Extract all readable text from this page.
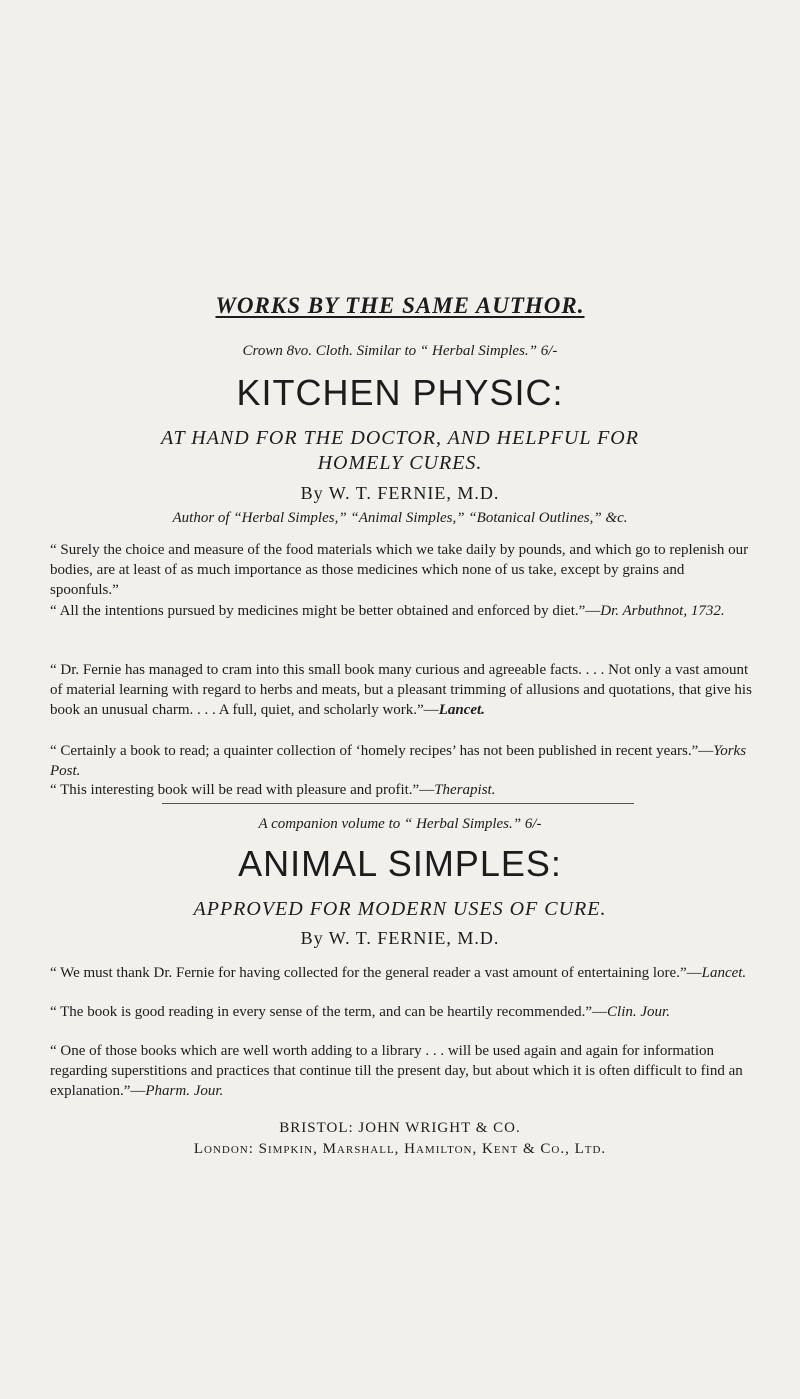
WORKS BY THE SAME AUTHOR.
Crown 8vo. Cloth. Similar to “ Herbal Simples.” 6/-
KITCHEN PHYSIC:
AT HAND FOR THE DOCTOR, AND HELPFUL FOR
HOMELY CURES.
By W. T. FERNIE, M.D.
Author of “Herbal Simples,” “Animal Simples,” “Botanical Outlines,” &c.
“ Surely the choice and measure of the food materials which we take daily by pounds, and which go to replenish our bodies, are at least of as much importance as those medicines which none of us take, except by grains and spoonfuls.”
“ All the intentions pursued by medicines might be better obtained and enforced by diet.”—Dr. Arbuthnot, 1732.
“ Dr. Fernie has managed to cram into this small book many curious and agreeable facts. . . . Not only a vast amount of material learning with regard to herbs and meats, but a pleasant trimming of allusions and quotations, that give his book an unusual charm. . . . A full, quiet, and scholarly work.”—Lancet.
“ Certainly a book to read; a quainter collection of ‘homely recipes’ has not been published in recent years.”—Yorks Post.
“ This interesting book will be read with pleasure and profit.”—Therapist.
A companion volume to “ Herbal Simples.” 6/-
ANIMAL SIMPLES:
APPROVED FOR MODERN USES OF CURE.
By W. T. FERNIE, M.D.
“ We must thank Dr. Fernie for having collected for the general reader a vast amount of entertaining lore.”—Lancet.
“ The book is good reading in every sense of the term, and can be heartily recommended.”—Clin. Jour.
“ One of those books which are well worth adding to a library . . . will be used again and again for information regarding superstitions and practices that continue till the present day, but about which it is often difficult to find an explanation.”—Pharm. Jour.
BRISTOL: JOHN WRIGHT & CO.
London: Simpkin, Marshall, Hamilton, Kent & Co., Ltd.
